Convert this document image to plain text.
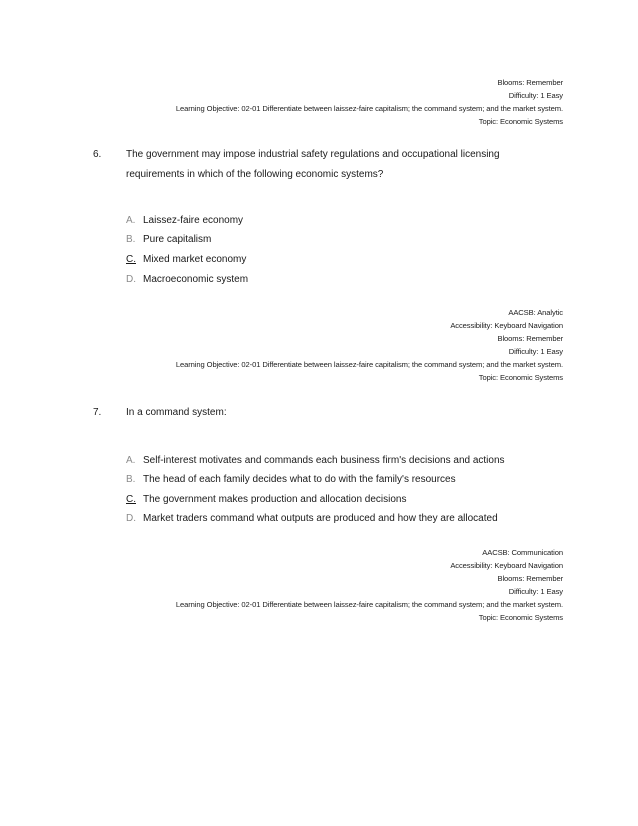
Blooms: Remember
Difficulty: 1 Easy
Learning Objective: 02-01 Differentiate between laissez-faire capitalism; the command system; and the market system.
Topic: Economic Systems
6. The government may impose industrial safety regulations and occupational licensing requirements in which of the following economic systems?
A. Laissez-faire economy
B. Pure capitalism
C. Mixed market economy
D. Macroeconomic system
AACSB: Analytic
Accessibility: Keyboard Navigation
Blooms: Remember
Difficulty: 1 Easy
Learning Objective: 02-01 Differentiate between laissez-faire capitalism; the command system; and the market system.
Topic: Economic Systems
7. In a command system:
A. Self-interest motivates and commands each business firm's decisions and actions
B. The head of each family decides what to do with the family's resources
C. The government makes production and allocation decisions
D. Market traders command what outputs are produced and how they are allocated
AACSB: Communication
Accessibility: Keyboard Navigation
Blooms: Remember
Difficulty: 1 Easy
Learning Objective: 02-01 Differentiate between laissez-faire capitalism; the command system; and the market system.
Topic: Economic Systems
